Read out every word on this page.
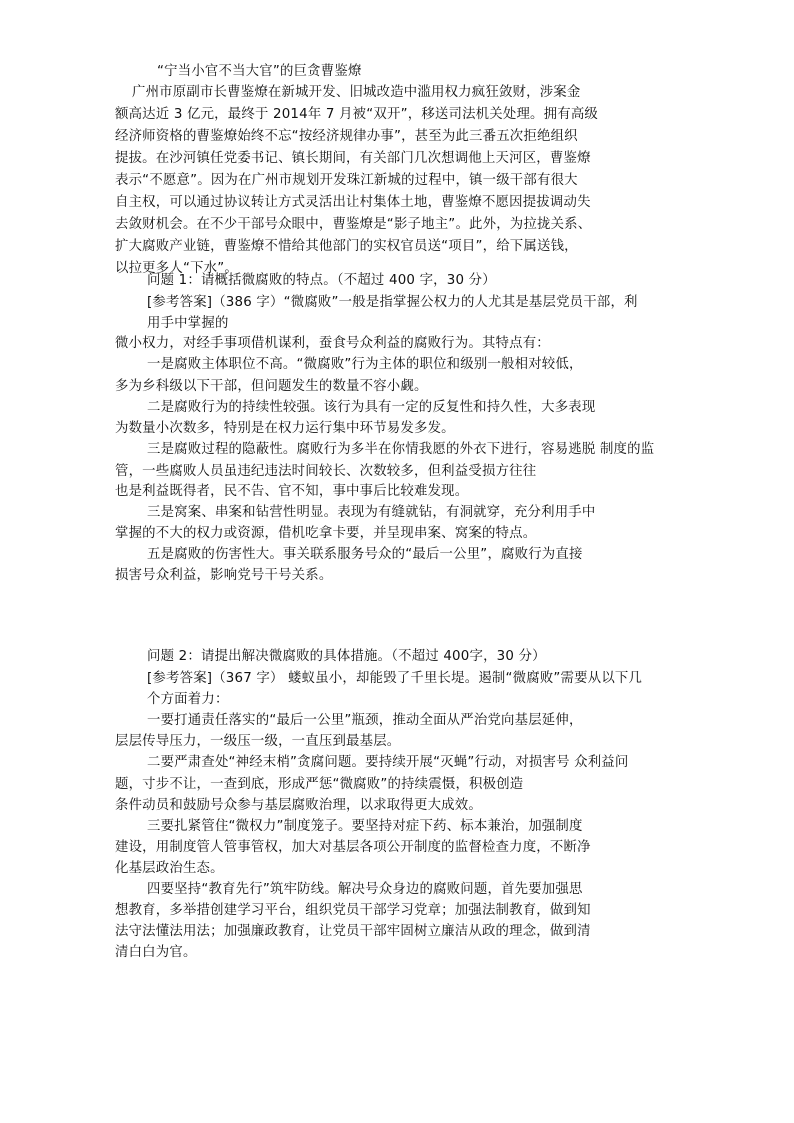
“宁当小官不当大官”的巨贪曹鉴燎
广州市原副市长曹鉴燎在新城开发、旧城改造中滥用权力疯狂敛财，涉案金
额高达近 3 亿元，最终于 2014年 7 月被“双开”，移送司法机关处理。拥有高级
经济师资格的曹鉴燎始终不忘“按经济规律办事”，甚至为此三番五次拒绝组织
提拔。在沙河镇任党委书记、镇长期间，有关部门几次想调他上天河区，曹鉴燎
表示“不愿意”。因为在广州市规划开发珠江新城的过程中，镇一级干部有很大
自主权，可以通过协议转让方式灵活出让村集体土地，曹鉴燎不愿因提拔调动失
去敛财机会。在不少干部号众眼中，曹鉴燎是“影子地主”。此外，为拉拢关系、
扩大腐败产业链，曹鉴燎不惜给其他部门的实权官员送“项目”，给下属送钱，
以拉更多人“下水”。
问题 1：请概括微腐败的特点。（不超过 400 字，30 分）
[参考答案]（386 字）“微腐败”一般是指掌握公权力的人尤其是基层党员干部，利
用手中掌握的
微小权力，对经手事项借机谋利，蚕食号众利益的腐败行为。其特点有：
一是腐败主体职位不高。“微腐败”行为主体的职位和级别一般相对较低，
多为乡科级以下干部，但问题发生的数量不容小觑。
二是腐败行为的持续性较强。该行为具有一定的反复性和持久性，大多表现
为数量小次数多，特别是在权力运行集中环节易发多发。
三是腐败过程的隐蔽性。腐败行为多半在你情我愿的外衣下进行，容易逃脱 制度的监
管，一些腐败人员虽违纪违法时间较长、次数较多，但利益受损方往往
也是利益既得者，民不告、官不知，事中事后比较难发现。
三是窝案、串案和钻营性明显。表现为有缝就钻，有洞就穿，充分利用手中
掌握的不大的权力或资源，借机吃拿卡要，并呈现串案、窝案的特点。
五是腐败的伤害性大。事关联系服务号众的“最后一公里”，腐败行为直接
损害号众利益，影响党号干号关系。
问题 2：请提出解决微腐败的具体措施。（不超过 400字，30 分）
[参考答案]（367 字） 蝼蚁虽小，却能毁了千里长堤。遏制“微腐败”需要从以下几
个方面着力：
一要打通责任落实的“最后一公里”瓶颈，推动全面从严治党向基层延伸，
层层传导压力，一级压一级，一直压到最基层。
二要严肃查处“神经末梢”贪腐问题。要持续开展“灭蝇”行动，对损害号 众利益问
题，寸步不让，一查到底，形成严惩“微腐败”的持续震慑，积极创造
条件动员和鼓励号众参与基层腐败治理，以求取得更大成效。
三要扎紧管住“微权力”制度笼子。要坚持对症下药、标本兼治，加强制度
建设，用制度管人管事管权，加大对基层各项公开制度的监督检查力度，不断净
化基层政治生态。
四要坚持“教育先行”筑牢防线。解决号众身边的腐败问题，首先要加强思
想教育，多举措创建学习平台，组织党员干部学习党章；加强法制教育，做到知
法守法懂法用法；加强廉政教育，让党员干部牢固树立廉洁从政的理念，做到清
清白白为官。
